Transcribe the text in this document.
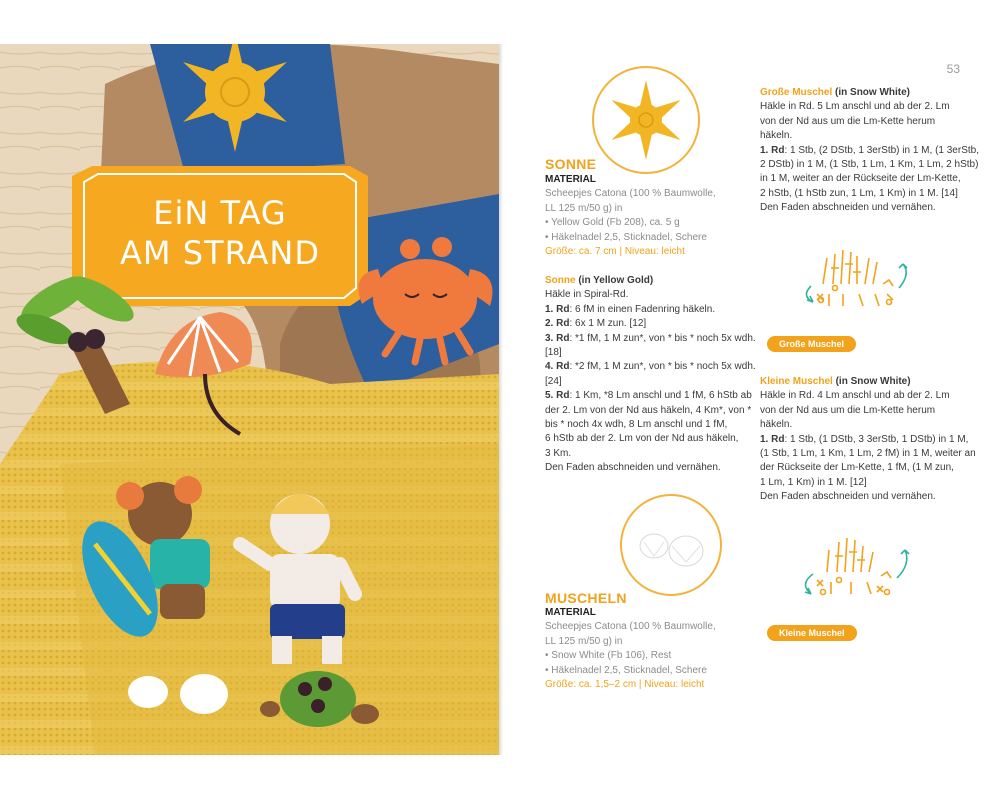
EiN TAG
AM STRAND
53
SONNE
MATERIAL
Scheepjes Catona (100 % Baumwolle,
LL 125 m/50 g) in
• Yellow Gold (Fb 208), ca. 5 g
• Häkelnadel 2,5, Sticknadel, Schere
Größe: ca. 7 cm | Niveau: leicht
Sonne (in Yellow Gold)
Häkle in Spiral-Rd.
1. Rd: 6 fM in einen Fadenring häkeln.
2. Rd: 6x 1 M zun. [12]
3. Rd: *1 fM, 1 M zun*, von * bis * noch 5x wdh.
[18]
4. Rd: *2 fM, 1 M zun*, von * bis * noch 5x wdh.
[24]
5. Rd: 1 Km, *8 Lm anschl und 1 fM, 6 hStb ab
der 2. Lm von der Nd aus häkeln, 4 Km*, von *
bis * noch 4x wdh, 8 Lm anschl und 1 fM,
6 hStb ab der 2. Lm von der Nd aus häkeln,
3 Km.
Den Faden abschneiden und vernähen.
MUSCHELN
MATERIAL
Scheepjes Catona (100 % Baumwolle,
LL 125 m/50 g) in
• Snow White (Fb 106), Rest
• Häkelnadel 2,5, Sticknadel, Schere
Größe: ca. 1,5–2 cm | Niveau: leicht
Große Muschel (in Snow White)
Häkle in Rd. 5 Lm anschl und ab der 2. Lm
von der Nd aus um die Lm-Kette herum
häkeln.
1. Rd: 1 Stb, (2 DStb, 1 3erStb) in 1 M, (1 3erStb,
2 DStb) in 1 M, (1 Stb, 1 Lm, 1 Km, 1 Lm, 2 hStb)
in 1 M, weiter an der Rückseite der Lm-Kette,
2 hStb, (1 hStb zun, 1 Lm, 1 Km) in 1 M. [14]
Den Faden abschneiden und vernähen.
Große Muschel
Kleine Muschel (in Snow White)
Häkle in Rd. 4 Lm anschl und ab der 2. Lm
von der Nd aus um die Lm-Kette herum
häkeln.
1. Rd: 1 Stb, (1 DStb, 3 3erStb, 1 DStb) in 1 M,
(1 Stb, 1 Lm, 1 Km, 1 Lm, 2 fM) in 1 M, weiter an
der Rückseite der Lm-Kette, 1 fM, (1 M zun,
1 Lm, 1 Km) in 1 M. [12]
Den Faden abschneiden und vernähen.
Kleine Muschel
